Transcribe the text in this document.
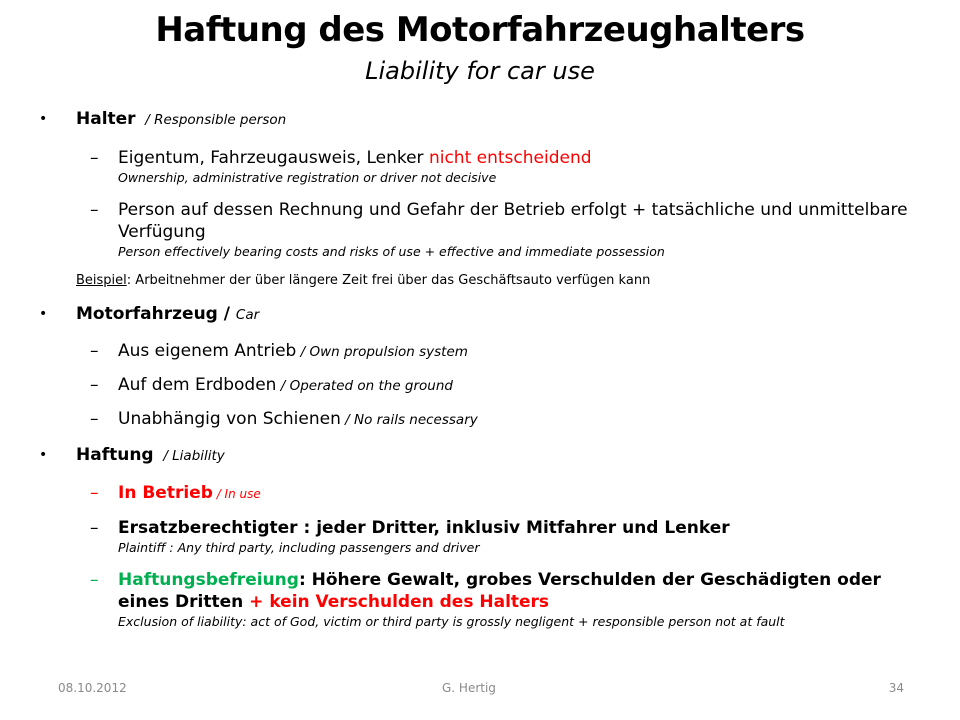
Haftung des Motorfahrzeughalters
Liability for car use
• Halter / Responsible person
– Eigentum, Fahrzeugausweis, Lenker nicht entscheidend
Ownership, administrative registration or driver not decisive
– Person auf dessen Rechnung und Gefahr der Betrieb erfolgt + tatsächliche und unmittelbare Verfügung
Person effectively bearing costs and risks of use + effective and immediate possession
Beispiel: Arbeitnehmer der über längere Zeit frei über das Geschäftsauto verfügen kann
• Motorfahrzeug / Car
– Aus eigenem Antrieb / Own propulsion system
– Auf dem Erdboden / Operated on the ground
– Unabhängig von Schienen / No rails necessary
• Haftung / Liability
– In Betrieb / In use
– Ersatzberechtigter : jeder Dritter, inklusiv Mitfahrer und Lenker
Plaintiff : Any third party, including passengers and driver
– Haftungsbefreiung: Höhere Gewalt, grobes Verschulden der Geschädigten oder eines Dritten + kein Verschulden des Halters
Exclusion of liability: act of God, victim or third party is grossly negligent + responsible person not at fault
08.10.2012	G. Hertig	34
